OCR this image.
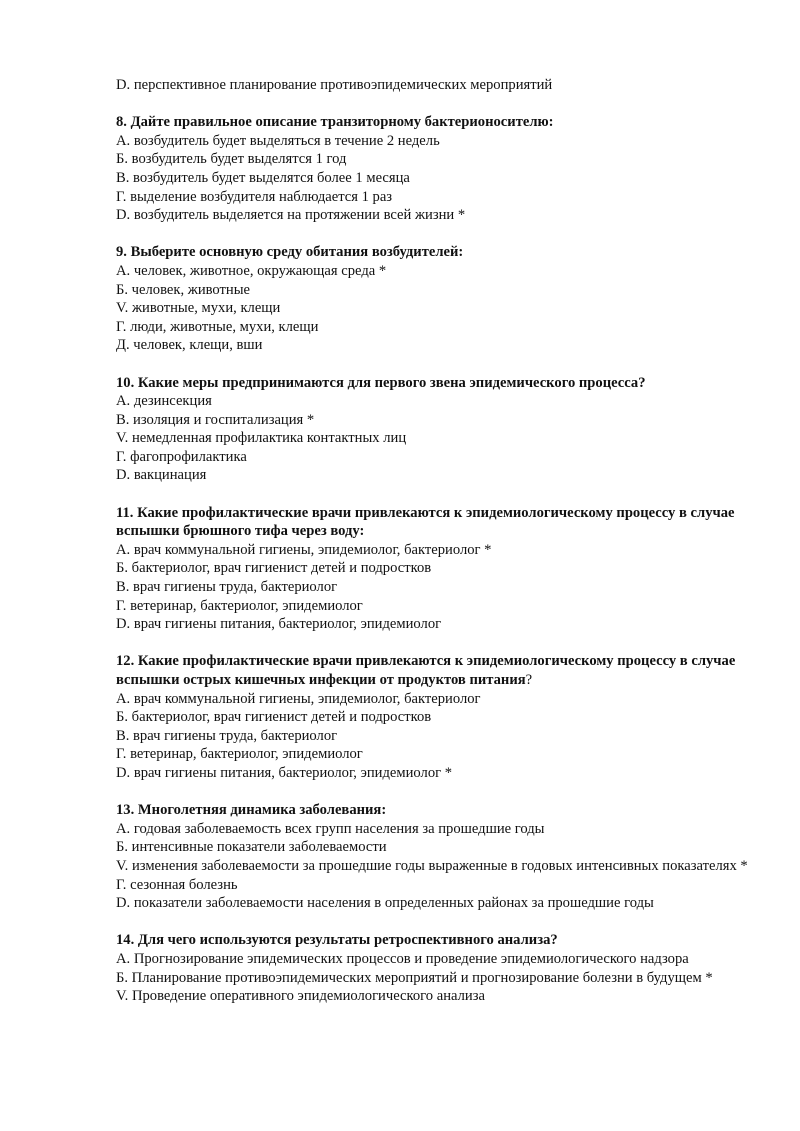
D. перспективное планирование противоэпидемических мероприятий

8. Дайте правильное описание транзиторному бактерионосителю:

А. возбудитель будет выделяться в течение 2 недель

Б. возбудитель будет выделятся 1 год

В. возбудитель будет выделятся более 1 месяца

Г. выделение возбудителя наблюдается 1 раз

D. возбудитель выделяется на протяжении всей жизни *

9. Выберите основную среду обитания возбудителей:

А. человек, животное, окружающая среда *

Б. человек, животные

V. животные, мухи, клещи

Г. люди, животные, мухи, клещи

Д. человек, клещи, вши

10. Какие меры предпринимаются для первого звена эпидемического процесса?

А. дезинсекция

В. изоляция и госпитализация *

V. немедленная профилактика контактных лиц

Г. фагопрофилактика

D. вакцинация

11. Какие профилактические врачи привлекаются к эпидемиологическому процессу в случае вспышки брюшного тифа через воду:

А. врач коммунальной гигиены, эпидемиолог, бактериолог *

Б. бактериолог, врач гигиенист детей и подростков

В. врач гигиены труда, бактериолог

Г. ветеринар, бактериолог, эпидемиолог

D. врач гигиены питания, бактериолог, эпидемиолог

12. Какие профилактические врачи привлекаются к эпидемиологическому процессу в случае вспышки острых кишечных инфекции от продуктов питания?

А. врач коммунальной гигиены, эпидемиолог, бактериолог

Б. бактериолог, врач гигиенист детей и подростков

В. врач гигиены труда, бактериолог

Г. ветеринар, бактериолог, эпидемиолог

D. врач гигиены питания, бактериолог, эпидемиолог *

13. Многолетняя динамика заболевания:

А. годовая заболеваемость всех групп населения за прошедшие годы

Б. интенсивные показатели заболеваемости

V. изменения заболеваемости за прошедшие годы выраженные в годовых интенсивных показателях *

Г. сезонная болезнь

D. показатели заболеваемости населения в определенных районах за прошедшие годы

14. Для чего используются результаты ретроспективного анализа?

А. Прогнозирование эпидемических процессов и проведение эпидемиологического надзора

Б. Планирование противоэпидемических мероприятий и прогнозирование болезни в будущем *

V. Проведение оперативного эпидемиологического анализа
